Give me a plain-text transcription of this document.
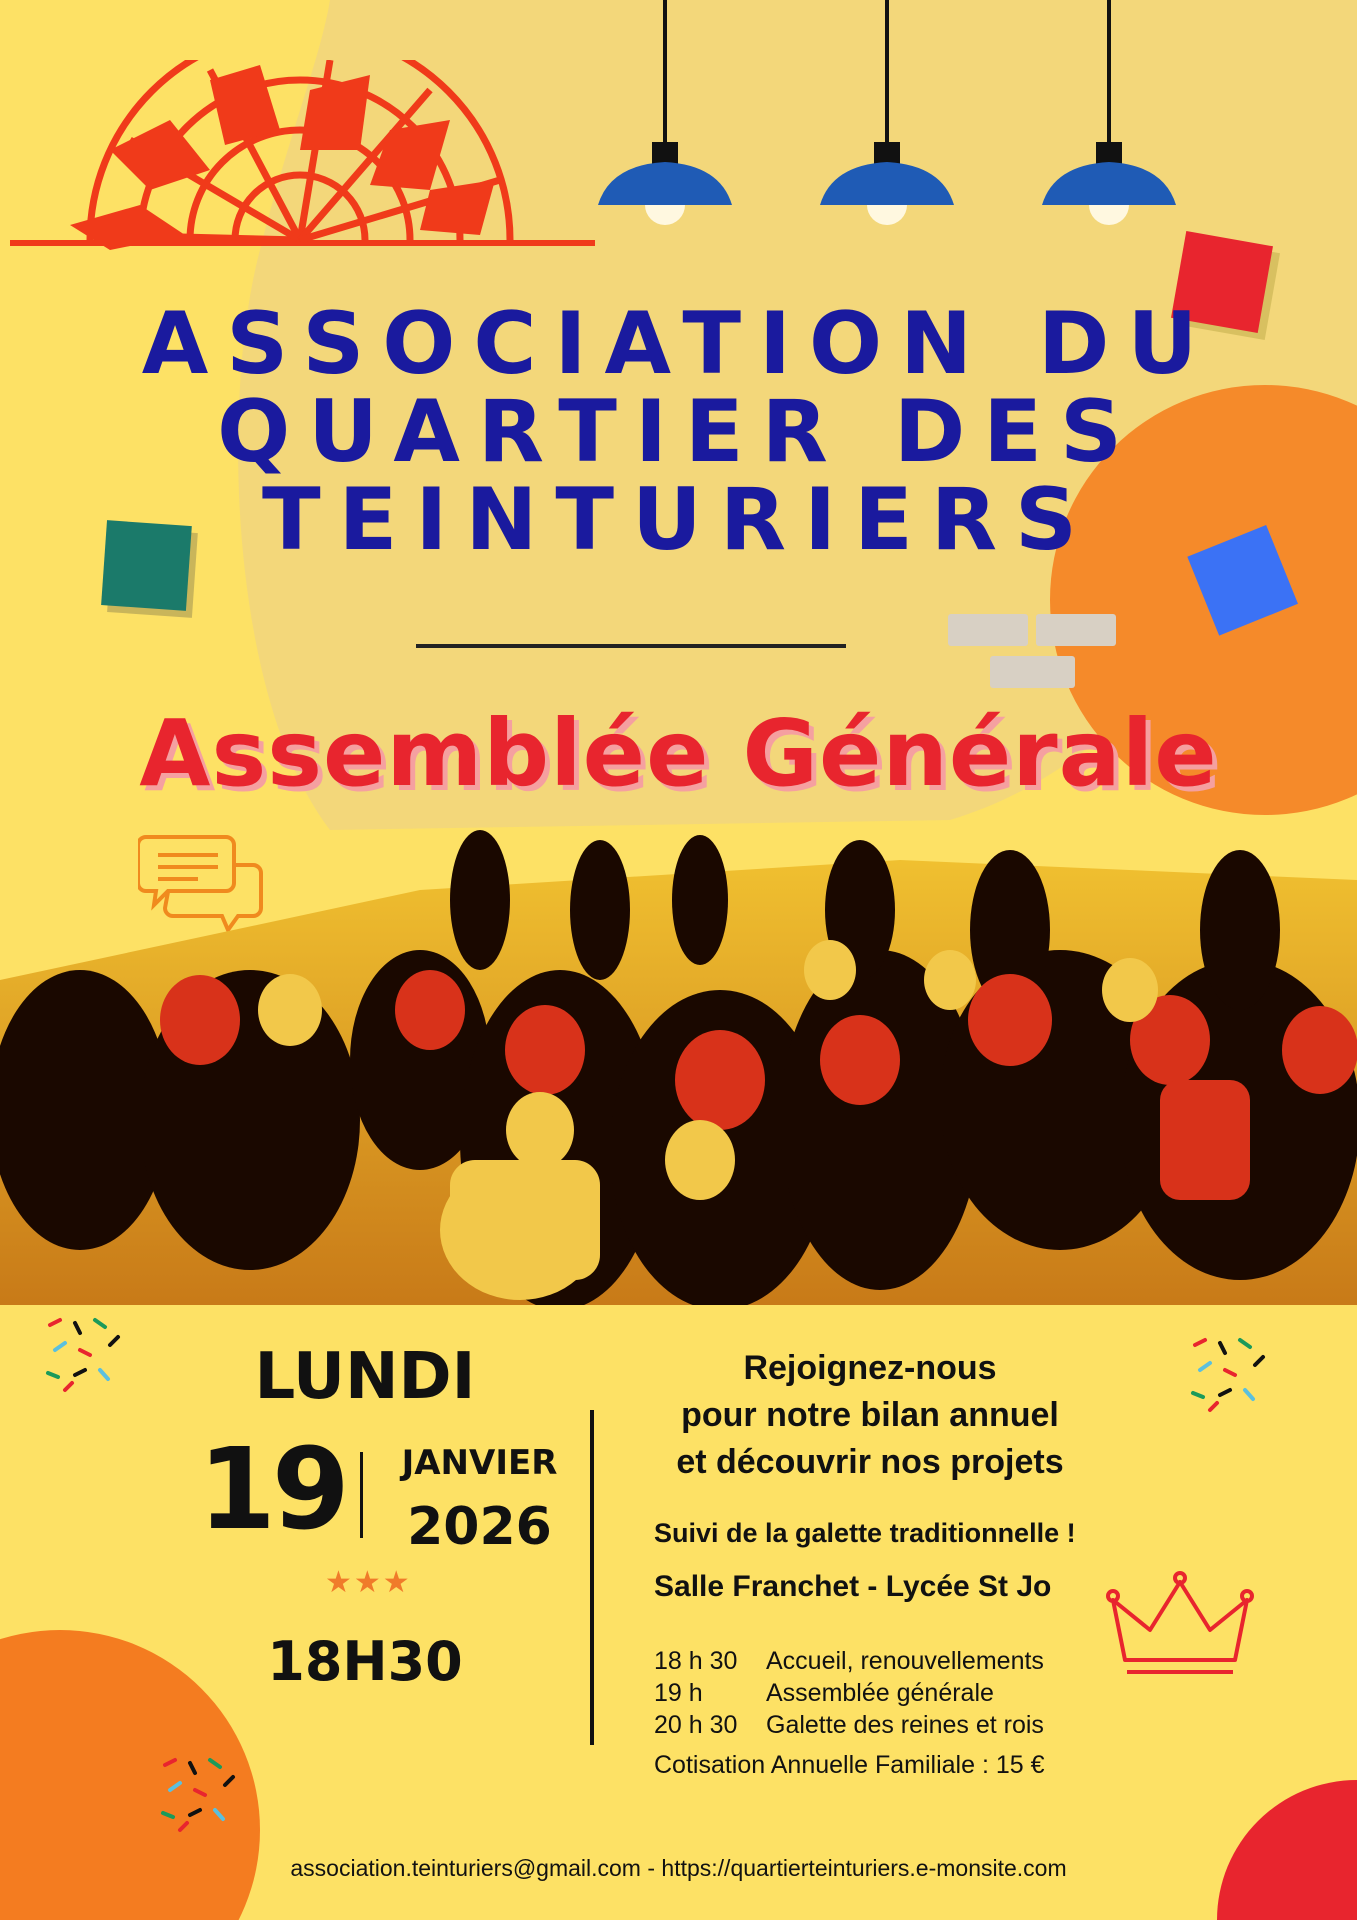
ASSOCIATION DU
QUARTIER DES
TEINTURIERS
Assemblée Générale
LUNDI
19 JANVIER
2026
★★★
18H30
Rejoignez-nous
pour notre bilan annuel
et découvrir nos projets
Suivi de la galette traditionnelle !
Salle Franchet - Lycée St Jo
18 h 30	Accueil, renouvellements
19 h	Assemblée générale
20 h 30	Galette des reines et rois
Cotisation Annuelle Familiale : 15 €
association.teinturiers@gmail.com - https://quartierteinturiers.e-monsite.com
